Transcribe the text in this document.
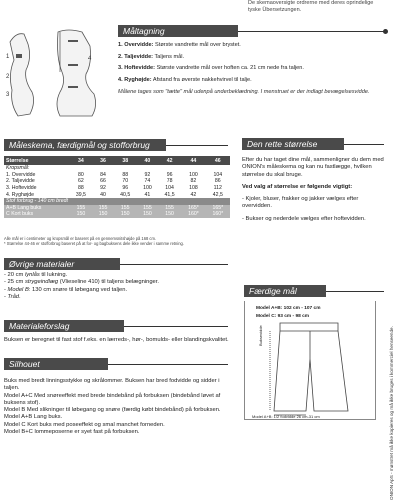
De skemaoversigte ordrerne med deres oprindelige tyske Übersetzungen.
Måltagning
1
2
3
4

1. Overvidde: Største vandrette mål over brystet.

2. Taljevidde: Taljens mål.

3. Hoftevidde: Største vandrette mål over hoften ca. 21 cm nede fra taljen.

4. Ryghøjde: Afstand fra øverste nakkehvirvel til talje.

Målene tages som "tætte" mål udenpå underbeklædning. I menstruet er der indlagt bevægelsesvidde.

Måleskema, færdigmål og stofforbrug
Størrelse	34	36	38	40	42	44	46
Kropsmål:							
1. Overvidde	80	84	88	92	96	100	104
2. Taljevidde	62	66	70	74	78	82	86
3. Hoftevidde	88	92	96	100	104	108	112
4. Ryghøjde	39,5	40	40,5	41	41,5	42	42,5
Stof forbrug - 140 cm bredt							
A+B Lang buks	155	155	155	155	155	165*	165*
C Kort buks	150	150	150	150	150	160*	160*
Alle mål er i centimeter og kropsmål er baseret på en gennemsnitshøjde på 168 cm.
* Størrelse 44-46 er stofforbrug baseret på at for- og bagbuksens dele ikke vender i samme retning.
Den rette størrelse

Efter du har taget dine mål, sammenligner du dem med ONION's måleskema og kan nu fastlægge, hvilken størrelse du skal bruge.

Ved valg af størrelse er følgende vigtigt:

- Kjoler, bluser, frakker og jakker vælges efter overvidden.

- Bukser og nederdele vælges efter hoftevidden.

Øvrige materialer
- 20 cm lynlås til lukning.
- 25 cm strygeindlæg (Vlieseline 410) til taljens belægninger.
- Model B: 130 cm snøre til løbegang ved taljen.
- Tråd.
Materialeforslag
Buksen er beregnet til fast stof f.eks. en lærreds-, hør-, bomulds- eller blandingskvalitet.
Silhouet
Buks med bredt linningsstykke og skrålommer. Buksen har bred fodvidde og sidder i taljen.
Model A+C Med snøreeffekt med brede bindebånd på forbuksen (bindebånd løvet af buksens stof).
Model B Med slikninger til løbegang og snøre (færdig købt bindebånd) på forbuksen.
Model A+B Lang buks.
Model C Kort buks med poseeffekt og smal manchet forneden.
Model B+C lommeposerne er syet fast på forbuksen.
Færdige mål
Model A+B: 102 cm - 107 cm
Model C: 93 cm - 98 cm
Buksevidde
Model A+B: 1/2 fodvidde 26 cm-31 cm	ONION ApS - mønstret må ikke kopieres og må ikke bruges i kommerciel henseende.
